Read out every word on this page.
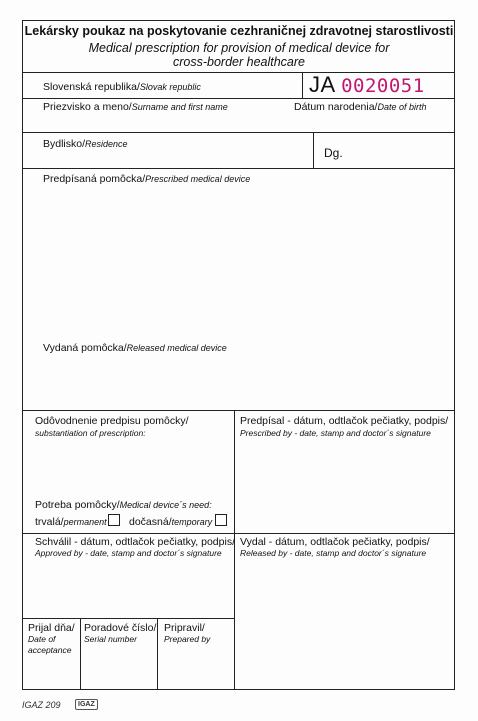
Lekársky poukaz na poskytovanie cezhraničnej zdravotnej starostlivosti
Medical prescription for provision of medical device for
cross-border healthcare
Slovenská republika/Slovak republic	JA 0020051
Priezvisko a meno/Surname and first name	Dátum narodenia/Date of birth
Bydlisko/Residence
Dg.
Predpísaná pomôcka/Prescribed medical device
Vydaná pomôcka/Released medical device
Odôvodnenie predpisu pomôcky/
substantiation of prescription:
Predpísal - dátum, odtlačok pečiatky, podpis/
Prescribed by - date, stamp and doctor´s signature
Potreba pomôcky/Medical device´s need:
trvalá/permanent dočasná/temporary
Schválil - dátum, odtlačok pečiatky, podpis/
Approved by - date, stamp and doctor´s signature
Vydal - dátum, odtlačok pečiatky, podpis/
Released by - date, stamp and doctor´s signature
Prijal dňa/
Date of
acceptance
Poradové číslo/
Serial number
Pripravil/
Prepared by
IGAZ 209	IGAZ
